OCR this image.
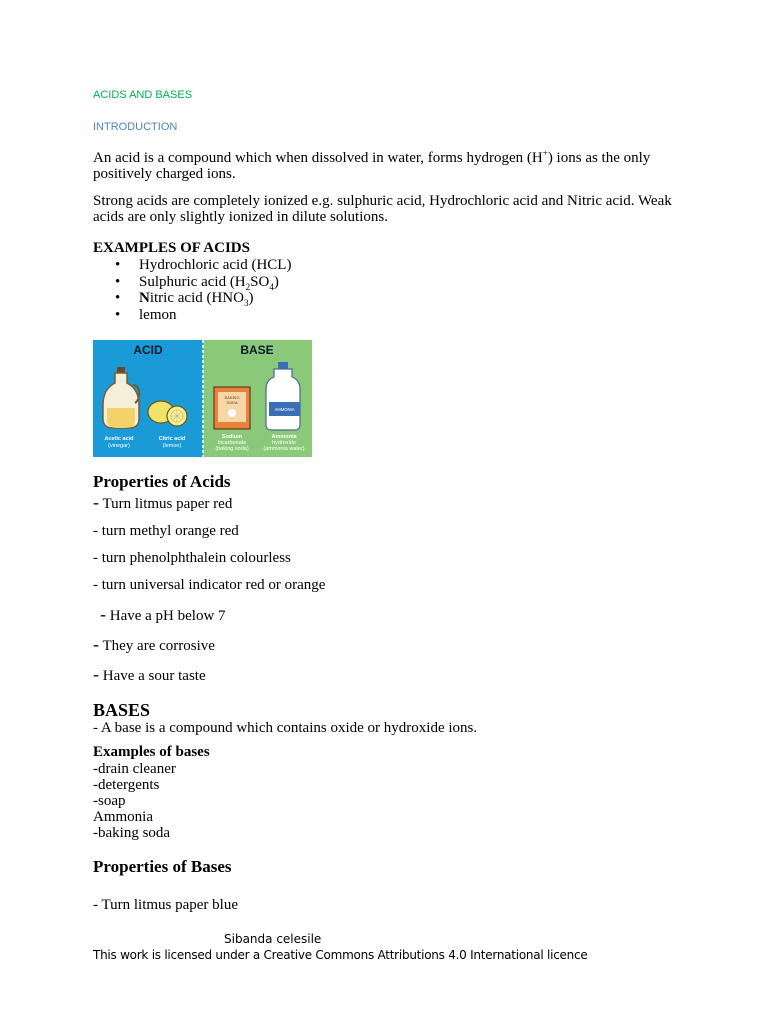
ACIDS AND BASES
INTRODUCTION
An acid is a compound which when dissolved in water, forms hydrogen (H+) ions as the only
positively charged ions.
Strong acids are completely ionized e.g. sulphuric acid, Hydrochloric acid and Nitric acid. Weak
acids are only slightly ionized in dilute solutions.
EXAMPLES OF ACIDS
• Hydrochloric acid (HCL)
• Sulphuric acid $(H_2SO_4)$
• Nitric acid $(HNO_3)$
• lemon
ACID	BASE
Acetic acid
(vinegar)
Citric acid
(lemon)
BAKING
SODA
AMMONIA
Sodium
bicarbonate
(baking soda)
Ammonia
hydroxide
(ammonia water)
Properties of Acids
- Turn litmus paper red
- turn methyl orange red
- turn phenolphthalein colourless
- turn universal indicator red or orange
- Have a pH below 7
- They are corrosive
- Have a sour taste
BASES
- A base is a compound which contains oxide or hydroxide ions.
Examples of bases
-drain cleaner
-detergents
-soap
Ammonia
-baking soda
Properties of Bases
- Turn litmus paper blue
Sibanda celesile
This work is licensed under a Creative Commons Attributions 4.0 International licence
